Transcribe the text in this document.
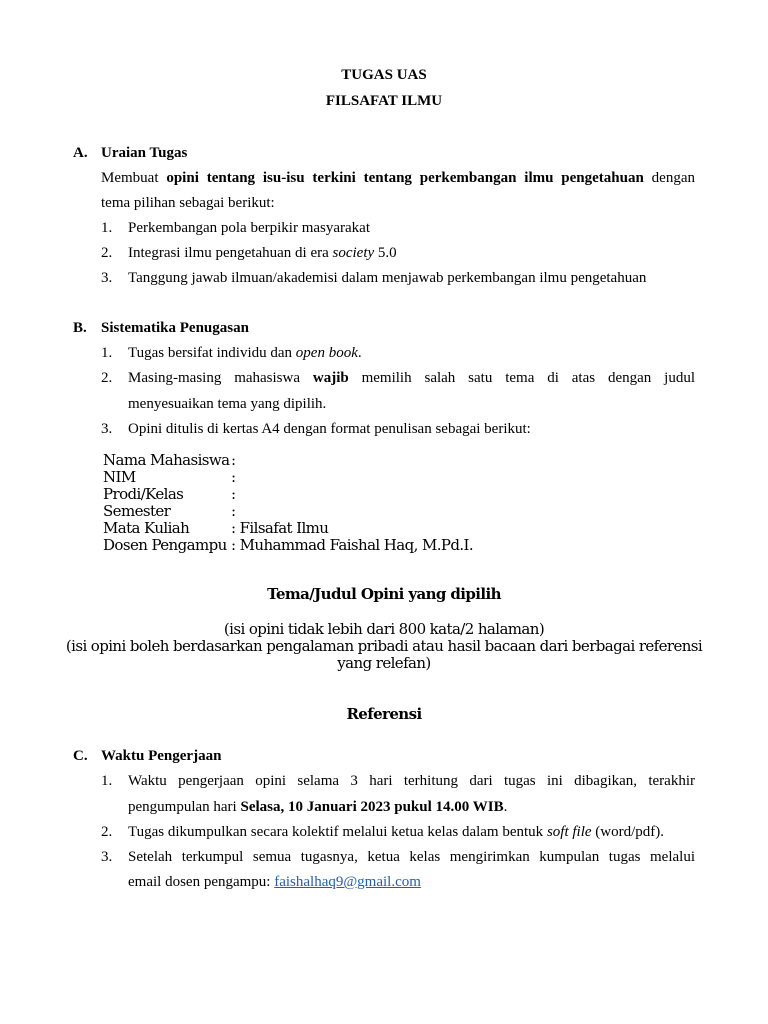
TUGAS UAS
FILSAFAT ILMU
A. Uraian Tugas
Membuat opini tentang isu-isu terkini tentang perkembangan ilmu pengetahuan dengan
tema pilihan sebagai berikut:
1. Perkembangan pola berpikir masyarakat
2. Integrasi ilmu pengetahuan di era society 5.0
3. Tanggung jawab ilmuan/akademisi dalam menjawab perkembangan ilmu pengetahuan
B. Sistematika Penugasan
1. Tugas bersifat individu dan open book.
2. Masing-masing mahasiswa wajib memilih salah satu tema di atas dengan judul
menyesuaikan tema yang dipilih.
3. Opini ditulis di kertas A4 dengan format penulisan sebagai berikut:
Nama Mahasiswa :
NIM	:
Prodi/Kelas	:
Semester	:
Mata Kuliah	: Filsafat Ilmu
Dosen Pengampu : Muhammad Faishal Haq, M.Pd.I.
Tema/Judul Opini yang dipilih
(isi opini tidak lebih dari 800 kata/2 halaman)
(isi opini boleh berdasarkan pengalaman pribadi atau hasil bacaan dari berbagai referensi
yang relefan)
Referensi
C. Waktu Pengerjaan
1. Waktu pengerjaan opini selama 3 hari terhitung dari tugas ini dibagikan, terakhir
pengumpulan hari Selasa, 10 Januari 2023 pukul 14.00 WIB.
2. Tugas dikumpulkan secara kolektif melalui ketua kelas dalam bentuk soft file (word/pdf).
3. Setelah terkumpul semua tugasnya, ketua kelas mengirimkan kumpulan tugas melalui
email dosen pengampu: faishalhaq9@gmail.com
